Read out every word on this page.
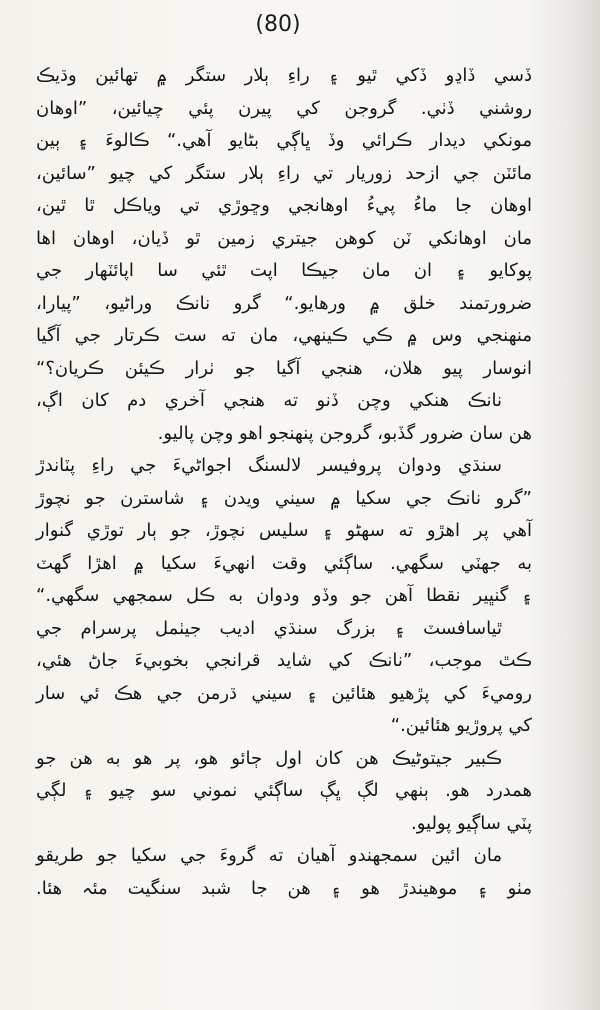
(80)
ڏسي ڏاڍو ڏکي ٿيو ۽ راءِ ٻلار ستگر ۾ تهائين وڌيڪ
روشني ڏٺي. گروجن کي پيرن پئي چيائين، ”اوهان
مونکي ديدار ڪرائي وڏ ڀاڳي بڻايو آهي.“ ڪالوءَ ۽ ٻين
مائٽن جي ازحد زوريار تي راءِ ٻلار ستگر کي چيو ”سائين،
اوهان جا ماءُ پيءُ اوهانجي وڇوڙي تي وياڪل ٿا ٿين،
مان اوهانکي ٽن کوهن جيتري زمين ٿو ڏيان، اوهان اها
پوکايو ۽ ان مان جيڪا اپت ٿئي سا اپائٽهار جي
ضرورتمند خلق ۾ ورهايو.“ گرو نانڪ وراڻيو، ”پيارا،
منهنجي وس ۾ ڪي ڪينهي، مان ته ست ڪرتار جي آگيا
انوسار پيو هلان، هنجي آگيا جو ٺرار ڪيئن ڪريان؟“
نانڪ هنکي وچن ڏنو ته هنجي آخري دم کان اڳ،
هن سان ضرور گڏبو، گروجن پنهنجو اهو وچن پاليو.
سنڌي ودوان پروفيسر لالسنگ اجواڻيءَ جي راءِ پٽاندڙ
”گرو نانڪ جي سکيا ۾ سيني ويدن ۽ شاسترن جو نچوڙ
آهي پر اهڙو ته سهڻو ۽ سليس نچوڙ، جو ٻار توڙي گنوار
به جهٽي سگهي. ساڳئي وقت انهيءَ سکيا ۾ اهڙا گهٽ
۽ گنڀير نقطا آهن جو وڏو ودوان به ڪل سمجهي سگهي.“
ٿياسافسٽ ۽ بزرگ سنڌي اديب جيٺمل پرسرام جي
ڪٿ موجب، ”نانڪ کي شايد قرانجي بخوبيءَ جاڻ هئي،
روميءَ کي پڙهيو هئائين ۽ سيني ڌرمن جي هڪ ئي سار
کي پروڙيو هئائين.“
ڪبير جيتوڻيڪ هن کان اول ڄائو هو، پر هو به هن جو
همدرد هو. ٻنهي لڳ ڀڳ ساڳئي نموني سو چيو ۽ لڳي
پٽي ساڳيو پوليو.
مان ائين سمجهندو آهيان ته گروءَ جي سکيا جو طريقو
مٺو ۽ موهيندڙ هو ۽ هن جا شبد سنگيت مئہ هئا.
